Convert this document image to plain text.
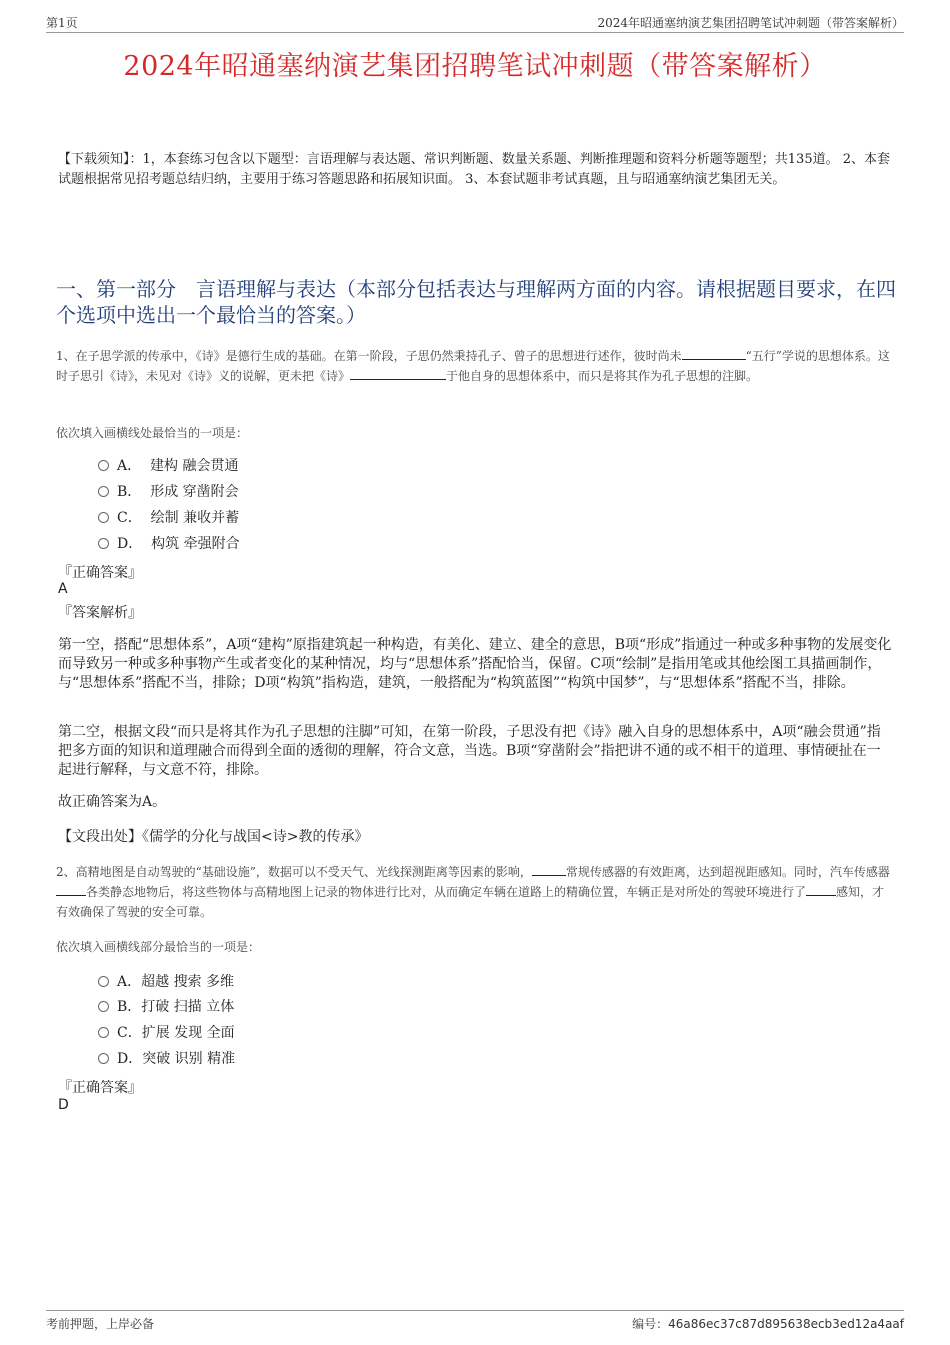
第1页	2024年昭通塞纳演艺集团招聘笔试冲刺题（带答案解析）
2024年昭通塞纳演艺集团招聘笔试冲刺题（带答案解析）
【下载须知】：1，本套练习包含以下题型：言语理解与表达题、常识判断题、数量关系题、判断推理题和资料分析题等题型；共135道。 2、本套试题根据常见招考题总结归纳，主要用于练习答题思路和拓展知识面。 3、本套试题非考试真题，且与昭通塞纳演艺集团无关。
一、第一部分　言语理解与表达（本部分包括表达与理解两方面的内容。请根据题目要求，在四个选项中选出一个最恰当的答案。）
1、在子思学派的传承中，《诗》是德行生成的基础。在第一阶段，子思仍然秉持孔子、曾子的思想进行述作，彼时尚未	“五行”学说的思想体系。这时子思引《诗》，未见对《诗》义的说解，更未把《诗》	于他自身的思想体系中，而只是将其作为孔子思想的注脚。
依次填入画横线处最恰当的一项是：
A． 建构 融会贯通
B． 形成 穿凿附会
C． 绘制 兼收并蓄
D． 构筑 牵强附合
『正确答案』
A
『答案解析』
第一空，搭配“思想体系”，A项“建构”原指建筑起一种构造，有美化、建立、建全的意思，B项“形成”指通过一种或多种事物的发展变化而导致另一种或多种事物产生或者变化的某种情况，均与“思想体系”搭配恰当，保留。C项“绘制”是指用笔或其他绘图工具描画制作，与“思想体系”搭配不当，排除；D项“构筑”指构造，建筑，一般搭配为“构筑蓝图”“构筑中国梦”，与“思想体系”搭配不当，排除。
第二空，根据文段“而只是将其作为孔子思想的注脚”可知，在第一阶段，子思没有把《诗》融入自身的思想体系中，A项“融会贯通”指把多方面的知识和道理融合而得到全面的透彻的理解，符合文意，当选。B项“穿凿附会”指把讲不通的或不相干的道理、事情硬扯在一起进行解释，与文意不符，排除。
故正确答案为A。
【文段出处】《儒学的分化与战国<诗>教的传承》
2、高精地图是自动驾驶的“基础设施”，数据可以不受天气、光线探测距离等因素的影响，	常规传感器的有效距离，达到超视距感知。同时，汽车传感器各类静态地物后，将这些物体与高精地图上记录的物体进行比对，从而确定车辆在道路上的精确位置，车辆正是对所处的驾驶环境进行了	感知，才有效确保了驾驶的安全可靠。
依次填入画横线部分最恰当的一项是：
A．超越 搜索 多维
B．打破 扫描 立体
C．扩展 发现 全面
D．突破 识别 精准
『正确答案』
D
考前押题，上岸必备	编号：46a86ec37c87d895638ecb3ed12a4aaf
